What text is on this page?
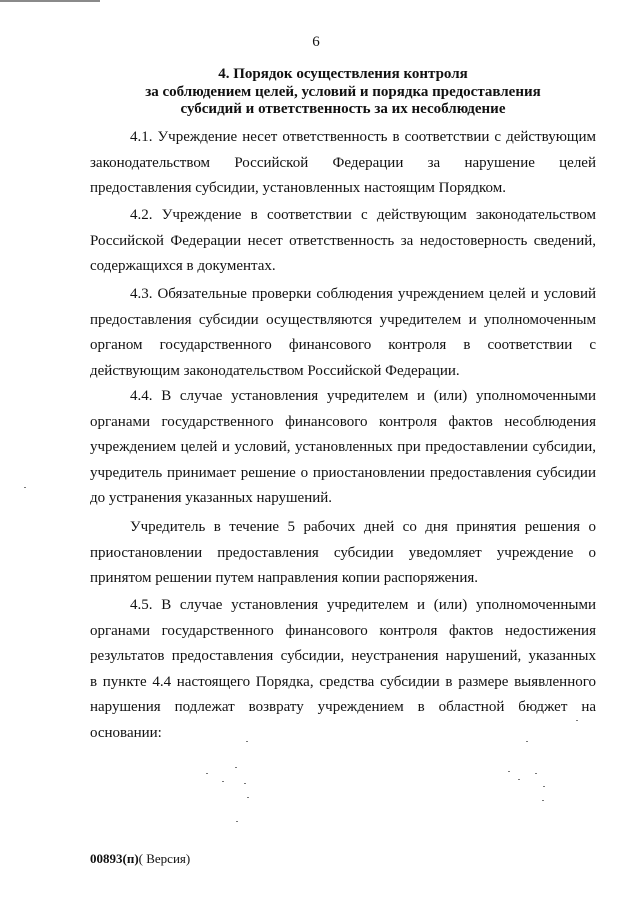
6
4. Порядок осуществления контроля
за соблюдением целей, условий и порядка предоставления
субсидий и ответственность за их несоблюдение
4.1. Учреждение несет ответственность в соответствии с действующим
законодательством Российской Федерации за нарушение целей
предоставления субсидии, установленных настоящим Порядком.
4.2. Учреждение в соответствии с действующим законодательством
Российской Федерации несет ответственность за недостоверность сведений,
содержащихся в документах.
4.3. Обязательные проверки соблюдения учреждением целей и условий
предоставления субсидии осуществляются учредителем и уполномоченным
органом государственного финансового контроля в соответствии с
действующим законодательством Российской Федерации.
4.4. В случае установления учредителем и (или) уполномоченными
органами государственного финансового контроля фактов несоблюдения
учреждением целей и условий, установленных при предоставлении субсидии,
учредитель принимает решение о приостановлении предоставления субсидии
до устранения указанных нарушений.
Учредитель в течение 5 рабочих дней со дня принятия решения о
приостановлении предоставления субсидии уведомляет учреждение о
принятом решении путем направления копии распоряжения.
4.5. В случае установления учредителем и (или) уполномоченными
органами государственного финансового контроля фактов недостижения
результатов предоставления субсидии, неустранения нарушений, указанных
в пункте 4.4 настоящего Порядка, средства субсидии в размере выявленного
нарушения подлежат возврату учреждением в областной бюджет на
основании:
00893(п)( Версия)
